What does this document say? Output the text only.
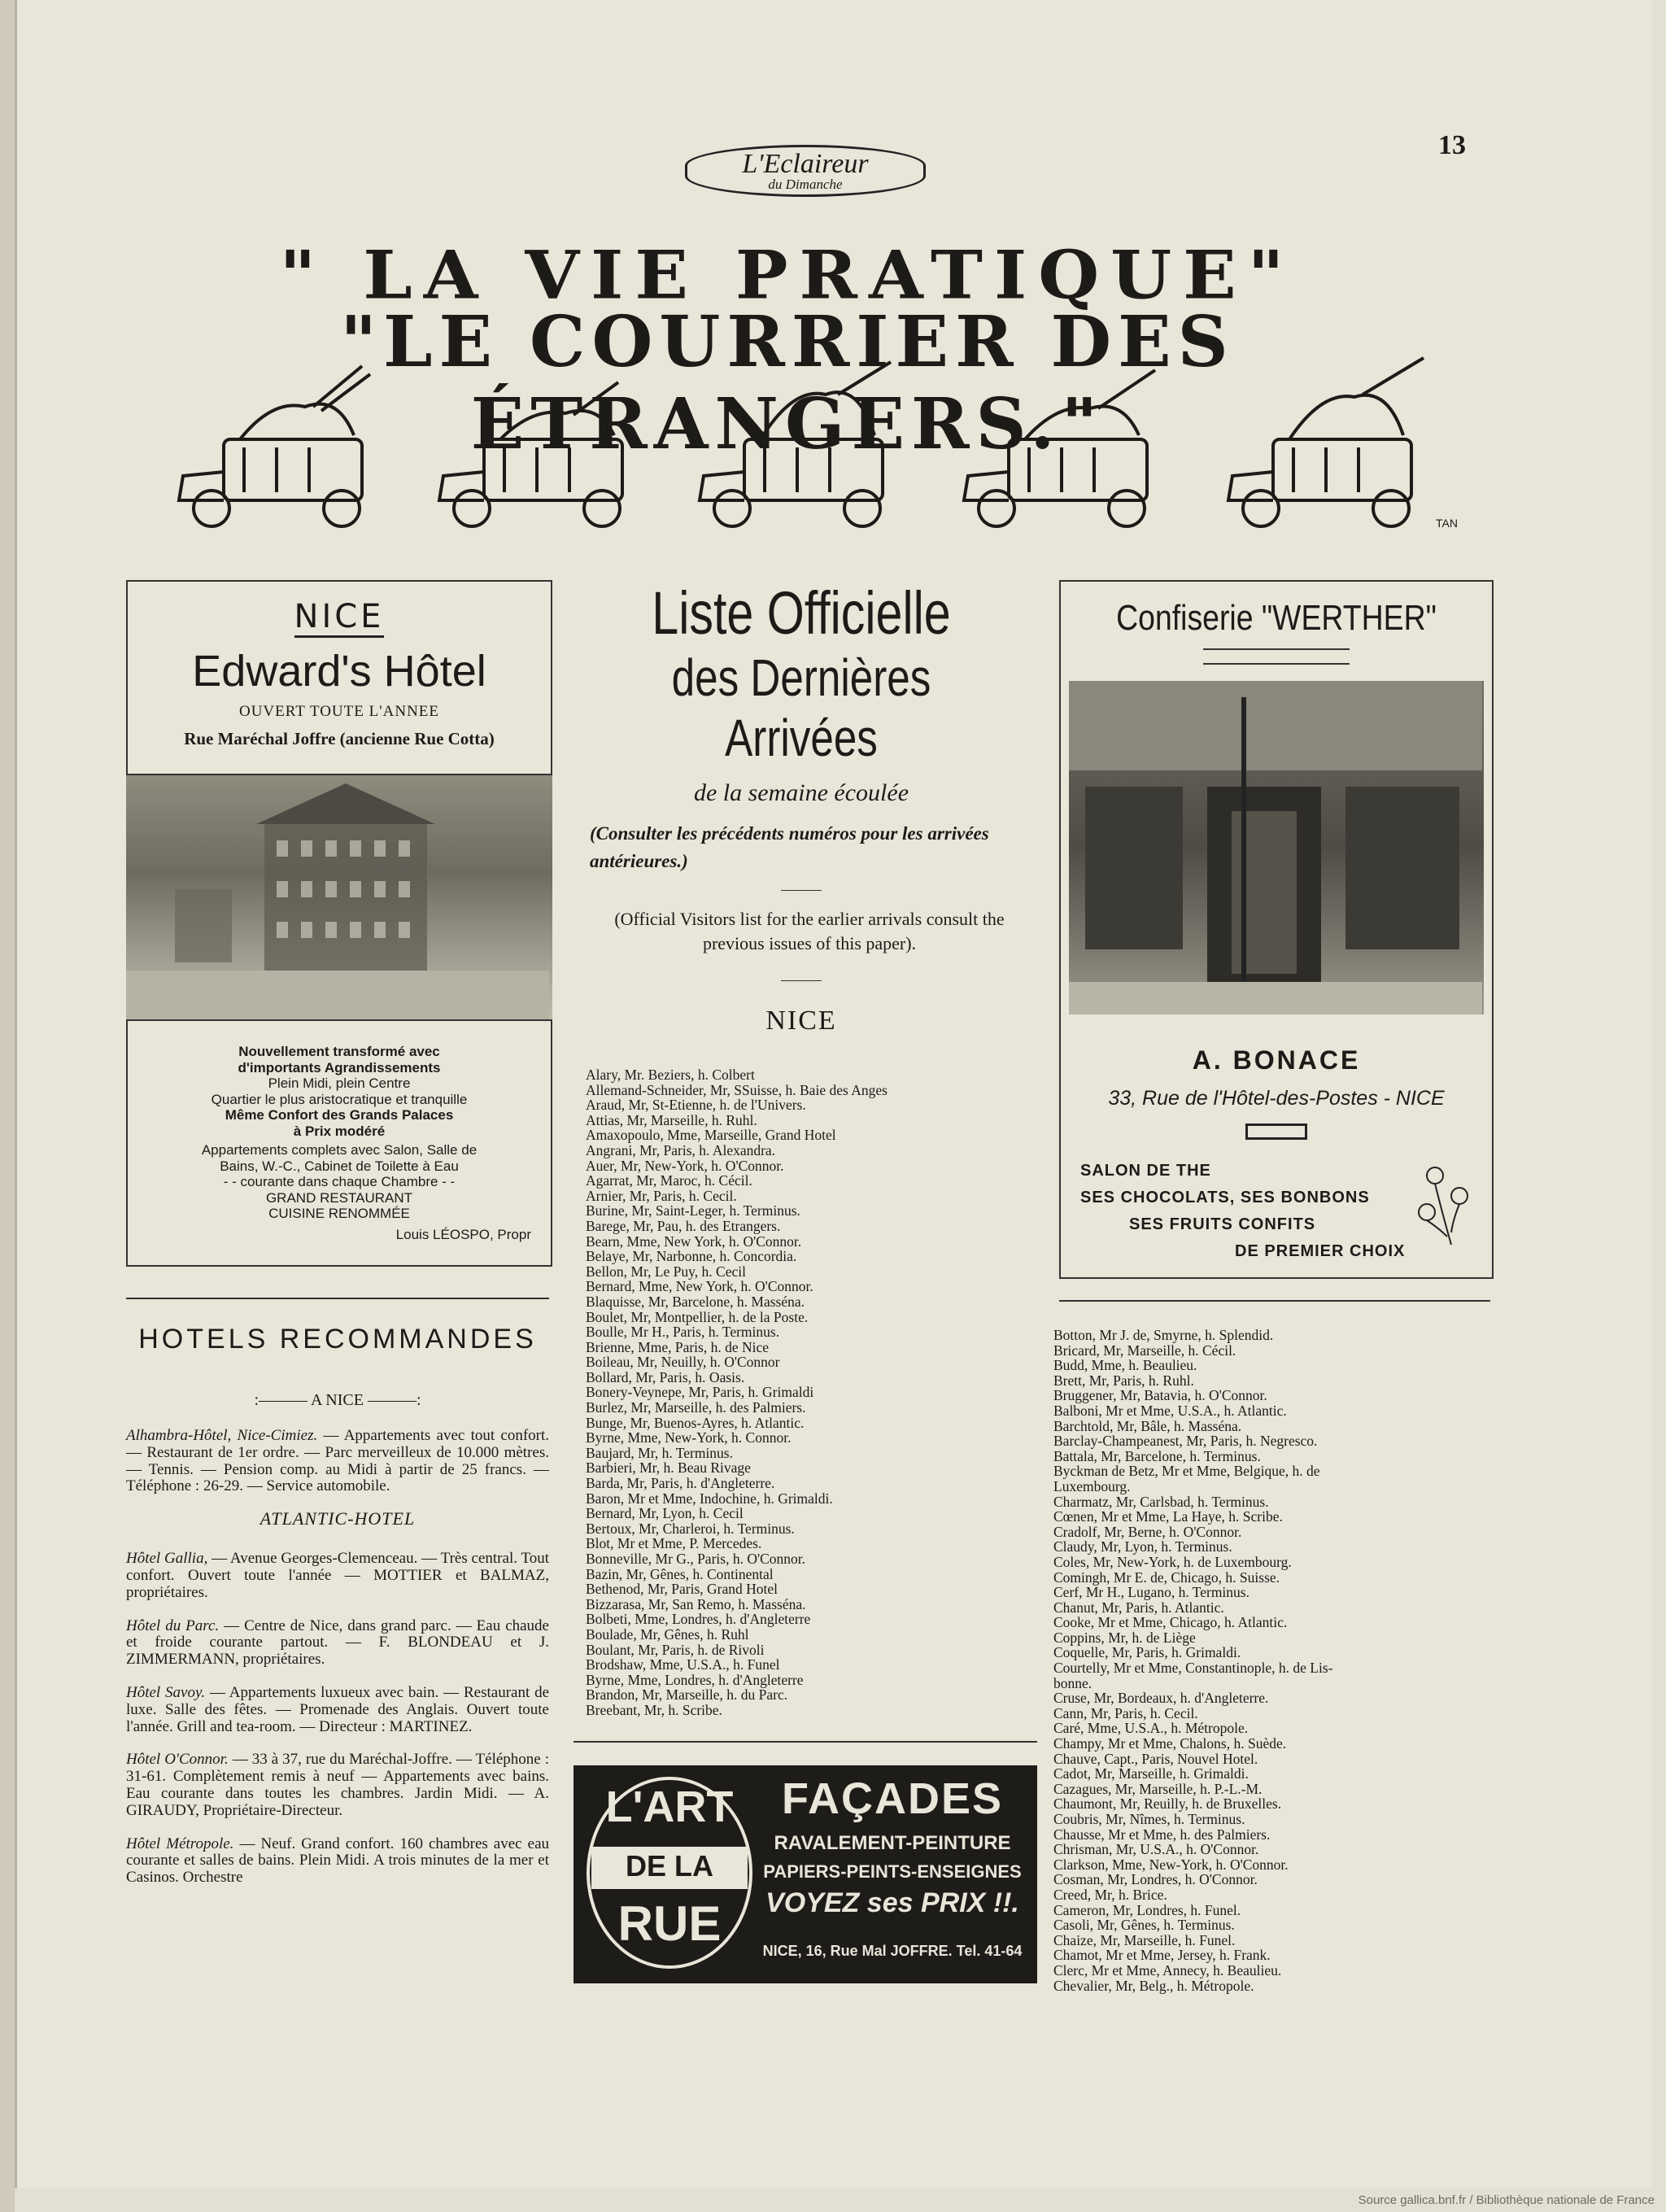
13
L'Eclaireur
du Dimanche
" LA VIE PRATIQUE"
"LE COURRIER DES ÉTRANGERS."
TAN
NICE
Edward's Hôtel
OUVERT TOUTE L'ANNEE
Rue Maréchal Joffre (ancienne Rue Cotta)
Nouvellement transformé avec
d'importants Agrandissements
Plein Midi, plein Centre
Quartier le plus aristocratique et tranquille
Même Confort des Grands Palaces
à Prix modéré
Appartements complets avec Salon, Salle de
Bains, W.-C., Cabinet de Toilette à Eau
- - courante dans chaque Chambre - -
GRAND RESTAURANT
CUISINE RENOMMÉE
Louis LÉOSPO, Propr
HOTELS RECOMMANDES
:——— A NICE ———:
Alhambra-Hôtel, Nice-Cimiez. — Appartements avec tout confort. — Restaurant de 1er ordre. — Parc merveilleux de 10.000 mètres. — Tennis. — Pension comp. au Midi à partir de 25 francs. — Téléphone : 26-29. — Service automobile.
ATLANTIC-HOTEL
Hôtel Gallia, — Avenue Georges-Clemenceau. — Très central. Tout confort. Ouvert toute l'année — MOTTIER et BALMAZ, propriétaires.
Hôtel du Parc. — Centre de Nice, dans grand parc. — Eau chaude et froide courante partout. — F. BLONDEAU et J. ZIMMERMANN, propriétaires.
Hôtel Savoy. — Appartements luxueux avec bain. — Restaurant de luxe. Salle des fêtes. — Promenade des Anglais. Ouvert toute l'année. Grill and tea-room. — Directeur : MARTINEZ.
Hôtel O'Connor. — 33 à 37, rue du Maréchal-Joffre. — Téléphone : 31-61. Complètement remis à neuf — Appartements avec bains. Eau courante dans toutes les chambres. Jardin Midi. — A. GIRAUDY, Propriétaire-Directeur.
Hôtel Métropole. — Neuf. Grand confort. 160 chambres avec eau courante et salles de bains. Plein Midi. A trois minutes de la mer et Casinos. Orchestre
Liste Officielle
des Dernières Arrivées
de la semaine écoulée
(Consulter les précédents numéros pour les arrivées antérieures.)
(Official Visitors list for the earlier arrivals consult the previous issues of this paper).
NICE
Alary, Mr. Beziers, h. Colbert
Allemand-Schneider, Mr, SSuisse, h. Baie des Anges
Araud, Mr, St-Etienne, h. de l'Univers.
Attias, Mr, Marseille, h. Ruhl.
Amaxopoulo, Mme, Marseille, Grand Hotel
Angrani, Mr, Paris, h. Alexandra.
Auer, Mr, New-York, h. O'Connor.
Agarrat, Mr, Maroc, h. Cécil.
Arnier, Mr, Paris, h. Cecil.
Burine, Mr, Saint-Leger, h. Terminus.
Barege, Mr, Pau, h. des Etrangers.
Bearn, Mme, New York, h. O'Connor.
Belaye, Mr, Narbonne, h. Concordia.
Bellon, Mr, Le Puy, h. Cecil
Bernard, Mme, New York, h. O'Connor.
Blaquisse, Mr, Barcelone, h. Masséna.
Boulet, Mr, Montpellier, h. de la Poste.
Boulle, Mr H., Paris, h. Terminus.
Brienne, Mme, Paris, h. de Nice
Boileau, Mr, Neuilly, h. O'Connor
Bollard, Mr, Paris, h. Oasis.
Bonery-Veynepe, Mr, Paris, h. Grimaldi
Burlez, Mr, Marseille, h. des Palmiers.
Bunge, Mr, Buenos-Ayres, h. Atlantic.
Byrne, Mme, New-York, h. Connor.
Baujard, Mr, h. Terminus.
Barbieri, Mr, h. Beau Rivage
Barda, Mr, Paris, h. d'Angleterre.
Baron, Mr et Mme, Indochine, h. Grimaldi.
Bernard, Mr, Lyon, h. Cecil
Bertoux, Mr, Charleroi, h. Terminus.
Blot, Mr et Mme, P. Mercedes.
Bonneville, Mr G., Paris, h. O'Connor.
Bazin, Mr, Gênes, h. Continental
Bethenod, Mr, Paris, Grand Hotel
Bizzarasa, Mr, San Remo, h. Masséna.
Bolbeti, Mme, Londres, h. d'Angleterre
Boulade, Mr, Gênes, h. Ruhl
Boulant, Mr, Paris, h. de Rivoli
Brodshaw, Mme, U.S.A., h. Funel
Byrne, Mme, Londres, h. d'Angleterre
Brandon, Mr, Marseille, h. du Parc.
Breebant, Mr, h. Scribe.
L'ART
DE LA
RUE
FAÇADES
RAVALEMENT-PEINTURE
PAPIERS-PEINTS-ENSEIGNES
VOYEZ ses PRIX !!.
NICE, 16, Rue Mal JOFFRE. Tel. 41-64
Confiserie "WERTHER"
A. BONACE
33, Rue de l'Hôtel-des-Postes - NICE
SALON DE THE
SES CHOCOLATS, SES BONBONS
SES FRUITS CONFITS
DE PREMIER CHOIX
Botton, Mr J. de, Smyrne, h. Splendid.
Bricard, Mr, Marseille, h. Cécil.
Budd, Mme, h. Beaulieu.
Brett, Mr, Paris, h. Ruhl.
Bruggener, Mr, Batavia, h. O'Connor.
Balboni, Mr et Mme, U.S.A., h. Atlantic.
Barchtold, Mr, Bâle, h. Masséna.
Barclay-Champeanest, Mr, Paris, h. Negresco.
Battala, Mr, Barcelone, h. Terminus.
Byckman de Betz, Mr et Mme, Belgique, h. de
Luxembourg.
Charmatz, Mr, Carlsbad, h. Terminus.
Cœnen, Mr et Mme, La Haye, h. Scribe.
Cradolf, Mr, Berne, h. O'Connor.
Claudy, Mr, Lyon, h. Terminus.
Coles, Mr, New-York, h. de Luxembourg.
Comingh, Mr E. de, Chicago, h. Suisse.
Cerf, Mr H., Lugano, h. Terminus.
Chanut, Mr, Paris, h. Atlantic.
Cooke, Mr et Mme, Chicago, h. Atlantic.
Coppins, Mr, h. de Liège
Coquelle, Mr, Paris, h. Grimaldi.
Courtelly, Mr et Mme, Constantinople, h. de Lis-
bonne.
Cruse, Mr, Bordeaux, h. d'Angleterre.
Cann, Mr, Paris, h. Cecil.
Caré, Mme, U.S.A., h. Métropole.
Champy, Mr et Mme, Chalons, h. Suède.
Chauve, Capt., Paris, Nouvel Hotel.
Cadot, Mr, Marseille, h. Grimaldi.
Cazagues, Mr, Marseille, h. P.-L.-M.
Chaumont, Mr, Reuilly, h. de Bruxelles.
Coubris, Mr, Nîmes, h. Terminus.
Chausse, Mr et Mme, h. des Palmiers.
Chrisman, Mr, U.S.A., h. O'Connor.
Clarkson, Mme, New-York, h. O'Connor.
Cosman, Mr, Londres, h. O'Connor.
Creed, Mr, h. Brice.
Cameron, Mr, Londres, h. Funel.
Casoli, Mr, Gênes, h. Terminus.
Chaize, Mr, Marseille, h. Funel.
Chamot, Mr et Mme, Jersey, h. Frank.
Clerc, Mr et Mme, Annecy, h. Beaulieu.
Chevalier, Mr, Belg., h. Métropole.
Source gallica.bnf.fr / Bibliothèque nationale de France
